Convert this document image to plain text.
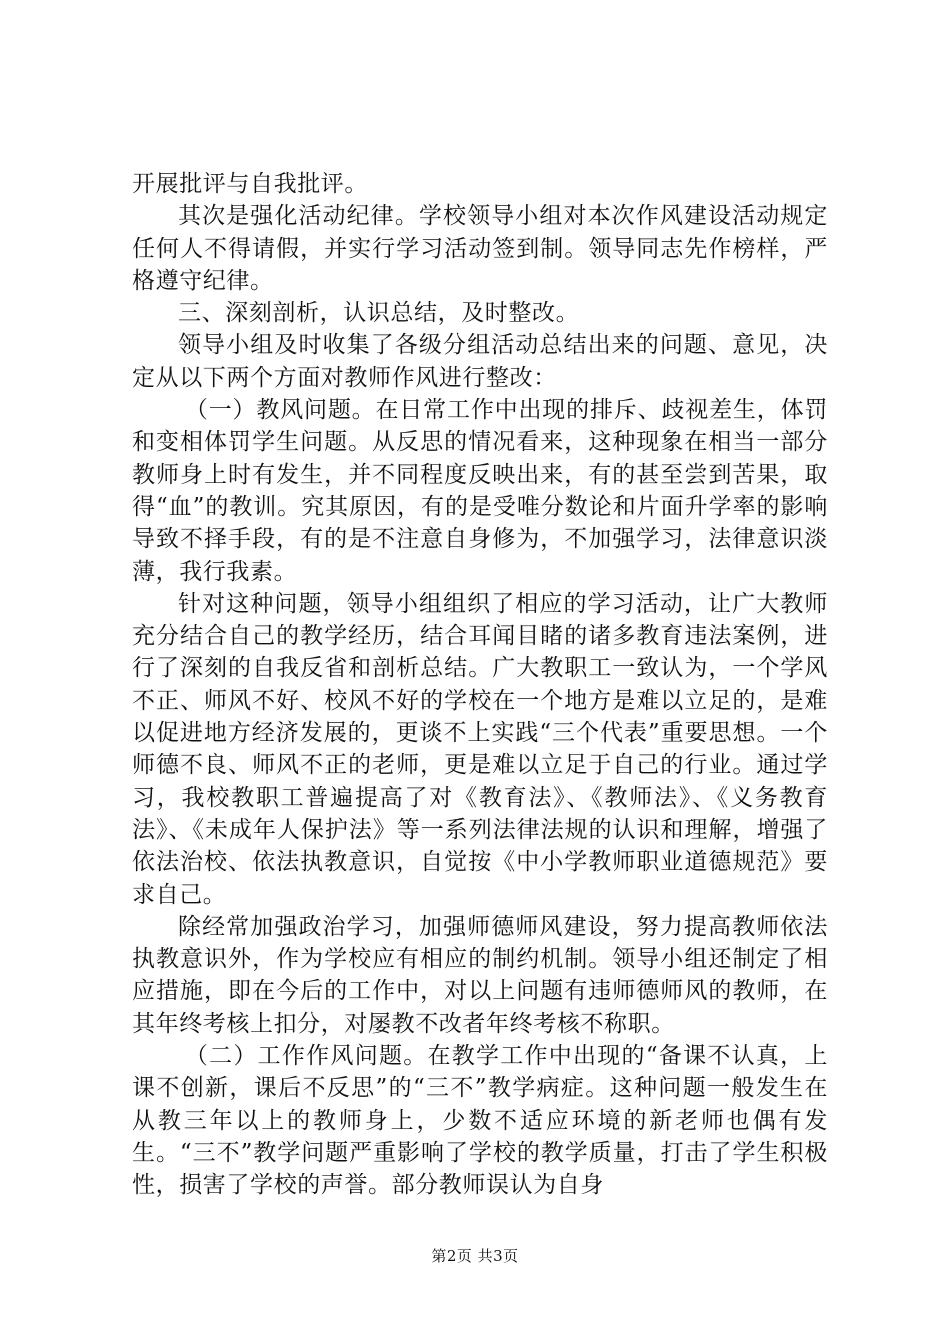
开展批评与自我批评。

其次是强化活动纪律。学校领导小组对本次作风建设活动规定任何人不得请假，并实行学习活动签到制。领导同志先作榜样，严格遵守纪律。

三、深刻剖析，认识总结，及时整改。

领导小组及时收集了各级分组活动总结出来的问题、意见，决定从以下两个方面对教师作风进行整改：

（一）教风问题。在日常工作中出现的排斥、歧视差生，体罚和变相体罚学生问题。从反思的情况看来，这种现象在相当一部分教师身上时有发生，并不同程度反映出来，有的甚至尝到苦果，取得“血”的教训。究其原因，有的是受唯分数论和片面升学率的影响导致不择手段，有的是不注意自身修为，不加强学习，法律意识淡薄，我行我素。

针对这种问题，领导小组组织了相应的学习活动，让广大教师充分结合自己的教学经历，结合耳闻目睹的诸多教育违法案例，进行了深刻的自我反省和剖析总结。广大教职工一致认为，一个学风不正、师风不好、校风不好的学校在一个地方是难以立足的，是难以促进地方经济发展的，更谈不上实践“三个代表”重要思想。一个师德不良、师风不正的老师，更是难以立足于自己的行业。通过学习，我校教职工普遍提高了对《教育法》、《教师法》、《义务教育法》、《未成年人保护法》等一系列法律法规的认识和理解，增强了依法治校、依法执教意识，自觉按《中小学教师职业道德规范》要求自己。

除经常加强政治学习，加强师德师风建设，努力提高教师依法执教意识外，作为学校应有相应的制约机制。领导小组还制定了相应措施，即在今后的工作中，对以上问题有违师德师风的教师，在其年终考核上扣分，对屡教不改者年终考核不称职。

（二）工作作风问题。在教学工作中出现的“备课不认真，上课不创新，课后不反思”的“三不”教学病症。这种问题一般发生在从教三年以上的教师身上，少数不适应环境的新老师也偶有发生。“三不”教学问题严重影响了学校的教学质量，打击了学生积极性，损害了学校的声誉。部分教师误认为自身

第2页 共3页
